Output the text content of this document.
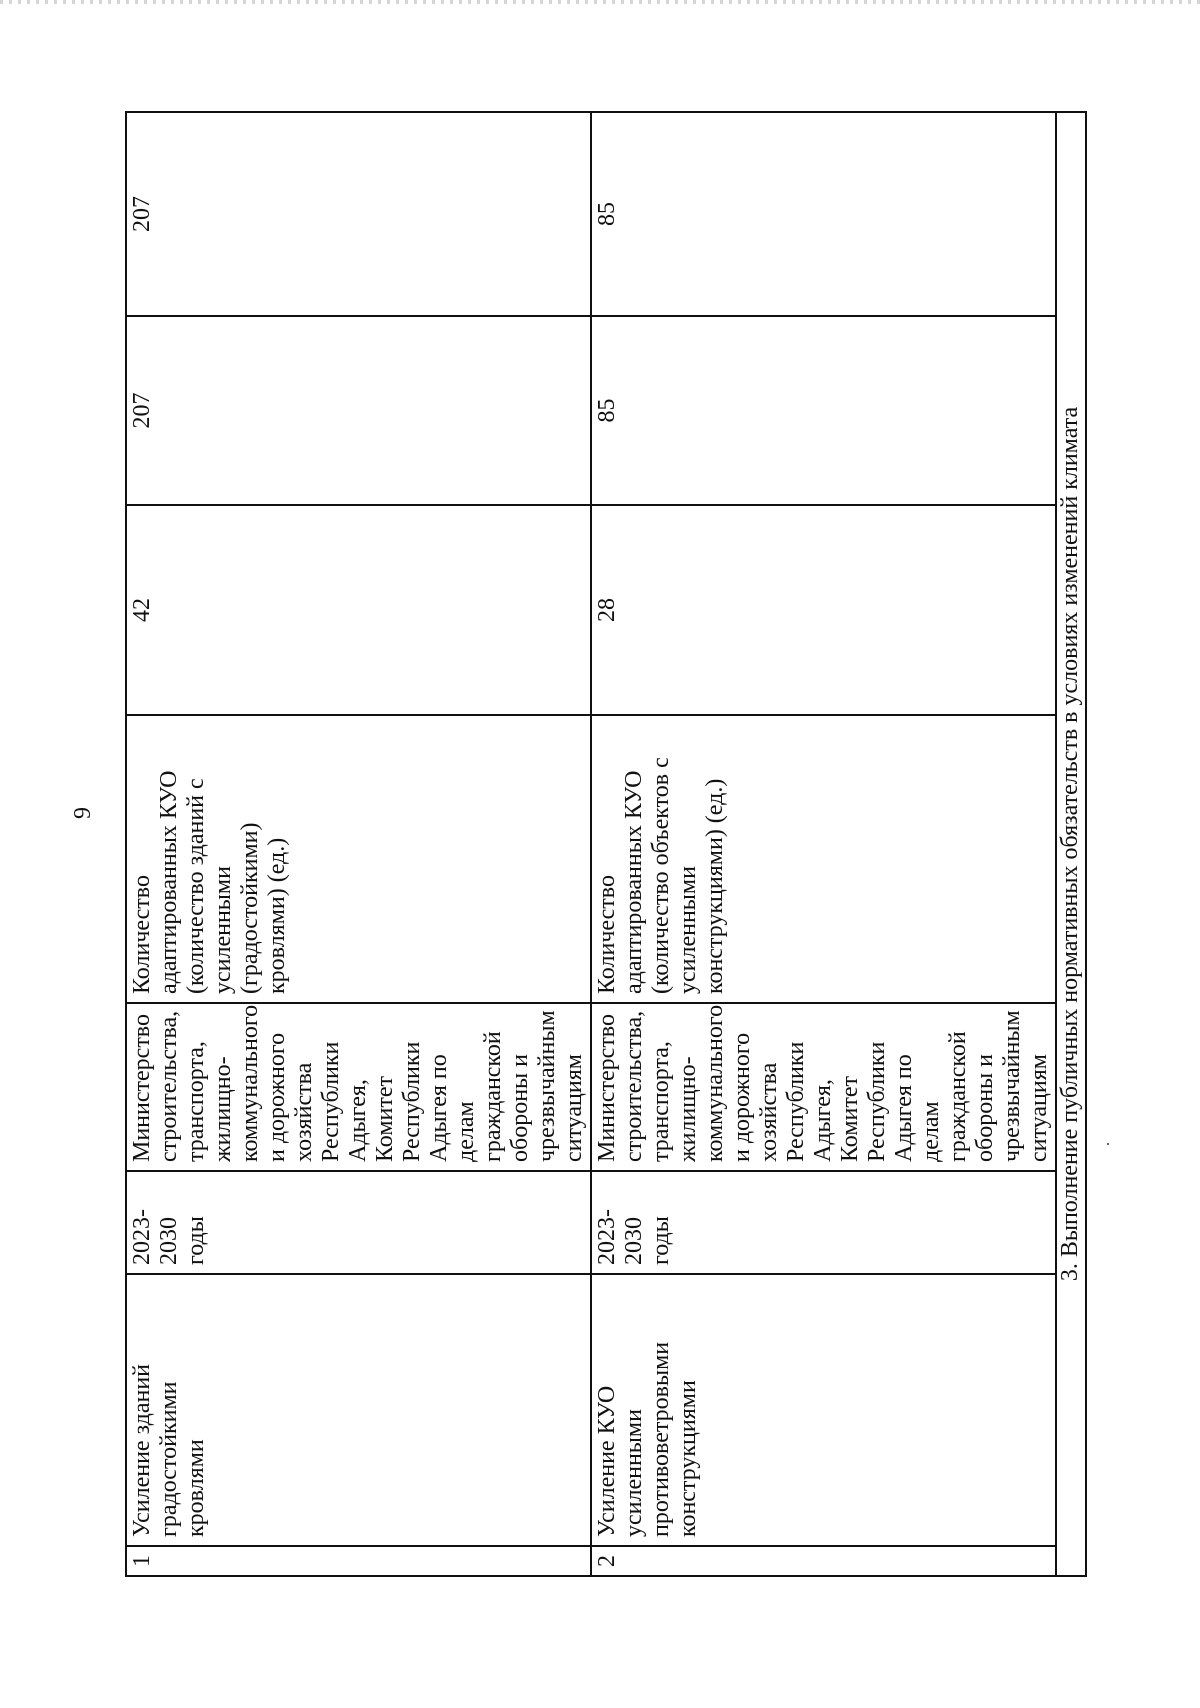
9
1	Усиление зданий градостойкими кровлями	2023-2030 годы	Министерство строительства, транспорта, жилищно-коммунального и дорожного хозяйства Республики Адыгея, Комитет Республики Адыгея по делам гражданской обороны и чрезвычайным ситуациям	Количество адаптированных КУО (количество зданий с усиленными (градостойкими) кровлями) (ед.)	42	207	207
2	Усиление КУО усиленными противоветровыми конструкциями	2023-2030 годы	Министерство строительства, транспорта, жилищно-коммунального и дорожного хозяйства Республики Адыгея, Комитет Республики Адыгея по делам гражданской обороны и чрезвычайным ситуациям	Количество адаптированных КУО (количество объектов с усиленными конструкциями) (ед.)	28	85	85
3. Выполнение публичных нормативных обязательств в условиях изменений климата							
